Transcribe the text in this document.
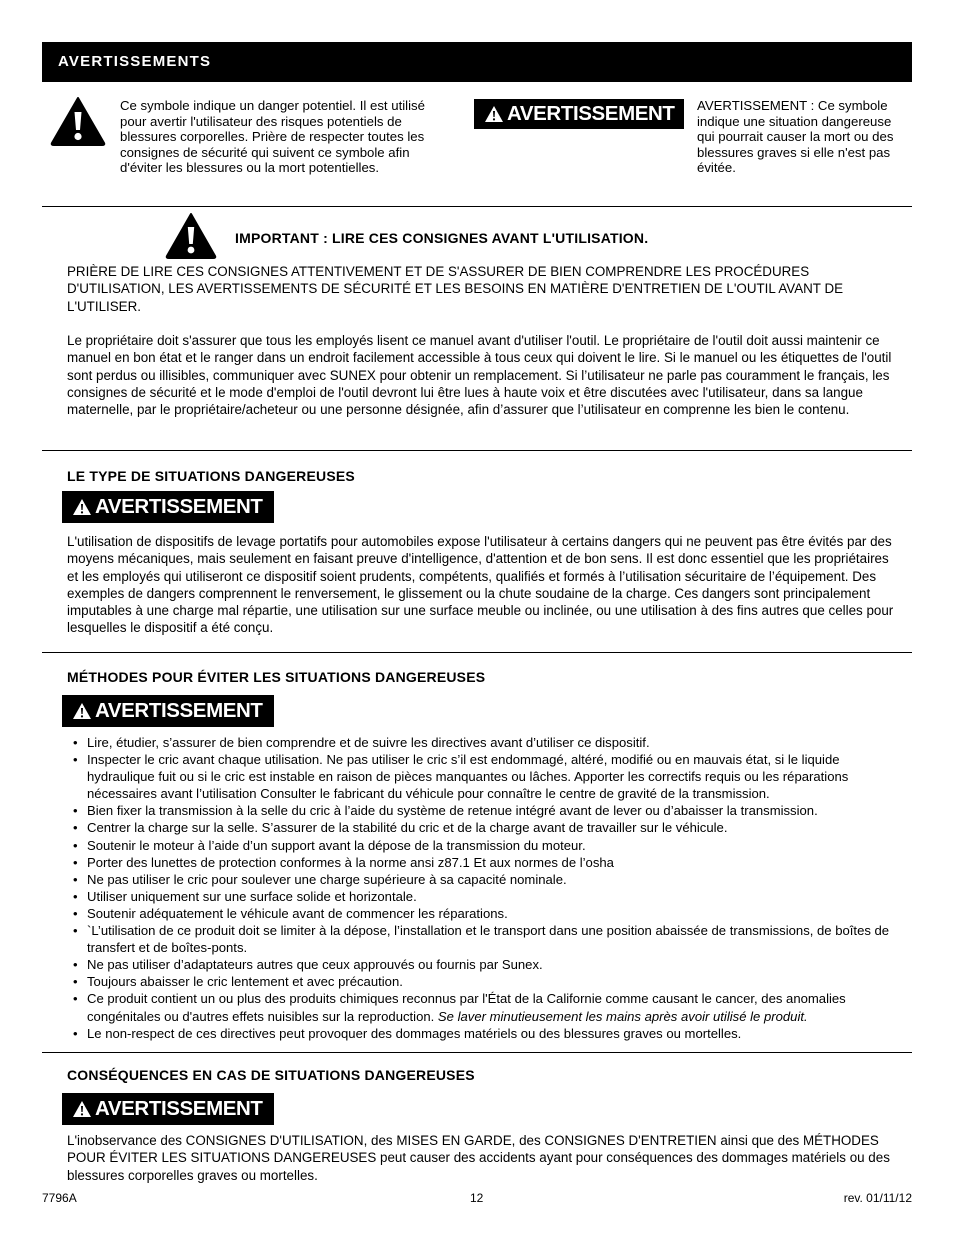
AVERTISSEMENTS
Ce symbole indique un danger potentiel. Il est utilisé pour avertir l'utilisateur des risques potentiels de blessures corporelles. Prière de respecter toutes les consignes de sécurité qui suivent ce symbole afin d'éviter les blessures ou la mort potentielles.
AVERTISSEMENT AVERTISSEMENT : Ce symbole indique une situation dangereuse qui pourrait causer la mort ou des blessures graves si elle n'est pas évitée.
IMPORTANT : LIRE CES CONSIGNES AVANT L'UTILISATION.
PRIÈRE DE LIRE CES CONSIGNES ATTENTIVEMENT ET DE S'ASSURER DE BIEN COMPRENDRE LES PROCÉDURES D'UTILISATION, LES AVERTISSEMENTS DE SÉCURITÉ ET LES BESOINS EN MATIÈRE D'ENTRETIEN DE L'OUTIL AVANT DE L'UTILISER.
Le propriétaire doit s'assurer que tous les employés lisent ce manuel avant d'utiliser l'outil. Le propriétaire de l'outil doit aussi maintenir ce manuel en bon état et le ranger dans un endroit facilement accessible à tous ceux qui doivent le lire. Si le manuel ou les étiquettes de l'outil sont perdus ou illisibles, communiquer avec SUNEX pour obtenir un remplacement. Si l’utilisateur ne parle pas couramment le français, les consignes de sécurité et le mode d'emploi de l'outil devront lui être lues à haute voix et être discutées avec l'utilisateur, dans sa langue maternelle, par le propriétaire/acheteur ou une personne désignée, afin d’assurer que l’utilisateur en comprenne les bien le contenu.
LE TYPE DE SITUATIONS DANGEREUSES
AVERTISSEMENT
L'utilisation de dispositifs de levage portatifs pour automobiles expose l'utilisateur à certains dangers qui ne peuvent pas être évités par des moyens mécaniques, mais seulement en faisant preuve d'intelligence, d'attention et de bon sens. Il est donc essentiel que les propriétaires et les employés qui utiliseront ce dispositif soient prudents, compétents, qualifiés et formés à l’utilisation sécuritaire de l’équipement. Des exemples de dangers comprennent le renversement, le glissement ou la chute soudaine de la charge. Ces dangers sont principalement imputables à une charge mal répartie, une utilisation sur une surface meuble ou inclinée, ou une utilisation à des fins autres que celles pour lesquelles le dispositif a été conçu.
MÉTHODES POUR ÉVITER LES SITUATIONS DANGEREUSES
AVERTISSEMENT
• Lire, étudier, s’assurer de bien comprendre et de suivre les directives avant d’utiliser ce dispositif.
• Inspecter le cric avant chaque utilisation. Ne pas utiliser le cric s’il est endommagé, altéré, modifié ou en mauvais état, si le liquide hydraulique fuit ou si le cric est instable en raison de pièces manquantes ou lâches. Apporter les correctifs requis ou les réparations nécessaires avant l’utilisation Consulter le fabricant du véhicule pour connaître le centre de gravité de la transmission.
• Bien fixer la transmission à la selle du cric à l’aide du système de retenue intégré avant de lever ou d’abaisser la transmission.
• Centrer la charge sur la selle. S’assurer de la stabilité du cric et de la charge avant de travailler sur le véhicule.
• Soutenir le moteur à l’aide d’un support avant la dépose de la transmission du moteur.
• Porter des lunettes de protection conformes à la norme ansi z87.1 Et aux normes de l’osha
• Ne pas utiliser le cric pour soulever une charge supérieure à sa capacité nominale.
• Utiliser uniquement sur une surface solide et horizontale.
• Soutenir adéquatement le véhicule avant de commencer les réparations.
• `L’utilisation de ce produit doit se limiter à la dépose, l’installation et le transport dans une position abaissée de transmissions, de boîtes de transfert et de boîtes-ponts.
• Ne pas utiliser d’adaptateurs autres que ceux approuvés ou fournis par Sunex.
• Toujours abaisser le cric lentement et avec précaution.
• Ce produit contient un ou plus des produits chimiques reconnus par l'État de la Californie comme causant le cancer, des anomalies congénitales ou d'autres effets nuisibles sur la reproduction. Se laver minutieusement les mains après avoir utilisé le produit.
• Le non-respect de ces directives peut provoquer des dommages matériels ou des blessures graves ou mortelles.
CONSÉQUENCES EN CAS DE SITUATIONS DANGEREUSES
AVERTISSEMENT
L'inobservance des CONSIGNES D'UTILISATION, des MISES EN GARDE, des CONSIGNES D'ENTRETIEN ainsi que des MÉTHODES POUR ÉVITER LES SITUATIONS DANGEREUSES peut causer des accidents ayant pour conséquences des dommages matériels ou des blessures corporelles graves ou mortelles.
7796A	12	rev. 01/11/12
